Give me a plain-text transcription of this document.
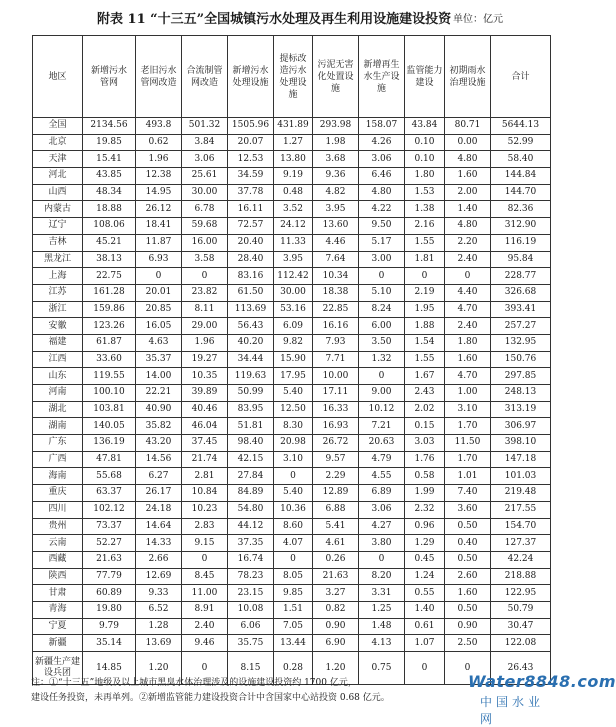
附表 11 “十三五”全国城镇污水处理及再生利用设施建设投资 单位：亿元
地区	新增污水管网	老旧污水管网改造	合流制管网改造	新增污水处理设施	提标改造污水处理设施	污泥无害化处置设施	新增再生水生产设施	监管能力建设	初期雨水治理设施	合计

全国	2134.56	493.8	501.32	1505.96	431.89	293.98	158.07	43.84	80.71	5644.13
北京	19.85	0.62	3.84	20.07	1.27	1.98	4.26	0.10	0.00	52.99
天津	15.41	1.96	3.06	12.53	13.80	3.68	3.06	0.10	4.80	58.40
河北	43.85	12.38	25.61	34.59	9.19	9.36	6.46	1.80	1.60	144.84
山西	48.34	14.95	30.00	37.78	0.48	4.82	4.80	1.53	2.00	144.70
内蒙古	18.88	26.12	6.78	16.11	3.52	3.95	4.22	1.38	1.40	82.36
辽宁	108.06	18.41	59.68	72.57	24.12	13.60	9.50	2.16	4.80	312.90
吉林	45.21	11.87	16.00	20.40	11.33	4.46	5.17	1.55	2.20	116.19
黑龙江	38.13	6.93	3.58	28.40	3.95	7.64	3.00	1.81	2.40	95.84
上海	22.75	0	0	83.16	112.42	10.34	0	0	0	228.77
江苏	161.28	20.01	23.82	61.50	30.00	18.38	5.10	2.19	4.40	326.68
浙江	159.86	20.85	8.11	113.69	53.16	22.85	8.24	1.95	4.70	393.41
安徽	123.26	16.05	29.00	56.43	6.09	16.16	6.00	1.88	2.40	257.27
福建	61.87	4.63	1.96	40.20	9.82	7.93	3.50	1.54	1.80	132.95
江西	33.60	35.37	19.27	34.44	15.90	7.71	1.32	1.55	1.60	150.76
山东	119.55	14.00	10.35	119.63	17.95	10.00	0	1.67	4.70	297.85
河南	100.10	22.21	39.89	50.99	5.40	17.11	9.00	2.43	1.00	248.13
湖北	103.81	40.90	40.46	83.95	12.50	16.33	10.12	2.02	3.10	313.19
湖南	140.05	35.82	46.04	51.81	8.30	16.93	7.21	0.15	1.70	306.97
广东	136.19	43.20	37.45	98.40	20.98	26.72	20.63	3.03	11.50	398.10
广西	47.81	14.56	21.74	42.15	3.10	9.57	4.79	1.76	1.70	147.18
海南	55.68	6.27	2.81	27.84	0	2.29	4.55	0.58	1.01	101.03
重庆	63.37	26.17	10.84	84.89	5.40	12.89	6.89	1.99	7.40	219.48
四川	102.12	24.18	10.23	54.80	10.36	6.88	3.06	2.32	3.60	217.55
贵州	73.37	14.64	2.83	44.12	8.60	5.41	4.27	0.96	0.50	154.70
云南	52.27	14.33	9.15	37.35	4.07	4.61	3.80	1.29	0.40	127.37
西藏	21.63	2.66	0	16.74	0	0.26	0	0.45	0.50	42.24
陕西	77.79	12.69	8.45	78.23	8.05	21.63	8.20	1.24	2.60	218.88
甘肃	60.89	9.33	11.00	23.15	9.85	3.27	3.31	0.55	1.60	122.95
青海	19.80	6.52	8.91	10.08	1.51	0.82	1.25	1.40	0.50	50.79
宁夏	9.79	1.28	2.40	6.06	7.05	0.90	1.48	0.61	0.90	30.47
新疆	35.14	13.69	9.46	35.75	13.44	6.90	4.13	1.07	2.50	122.08
新疆生产建设兵团	14.85	1.20	0	8.15	0.28	1.20	0.75	0	0	26.43
注：①“十三五”地级及以上城市黑臭水体治理涉及的设施建设投资约 1700 亿元，
建设任务投资，未再单列。②新增监管能力建设投资合计中含国家中心站投资 0.68 亿元。
Water8848.com
中国水业网
